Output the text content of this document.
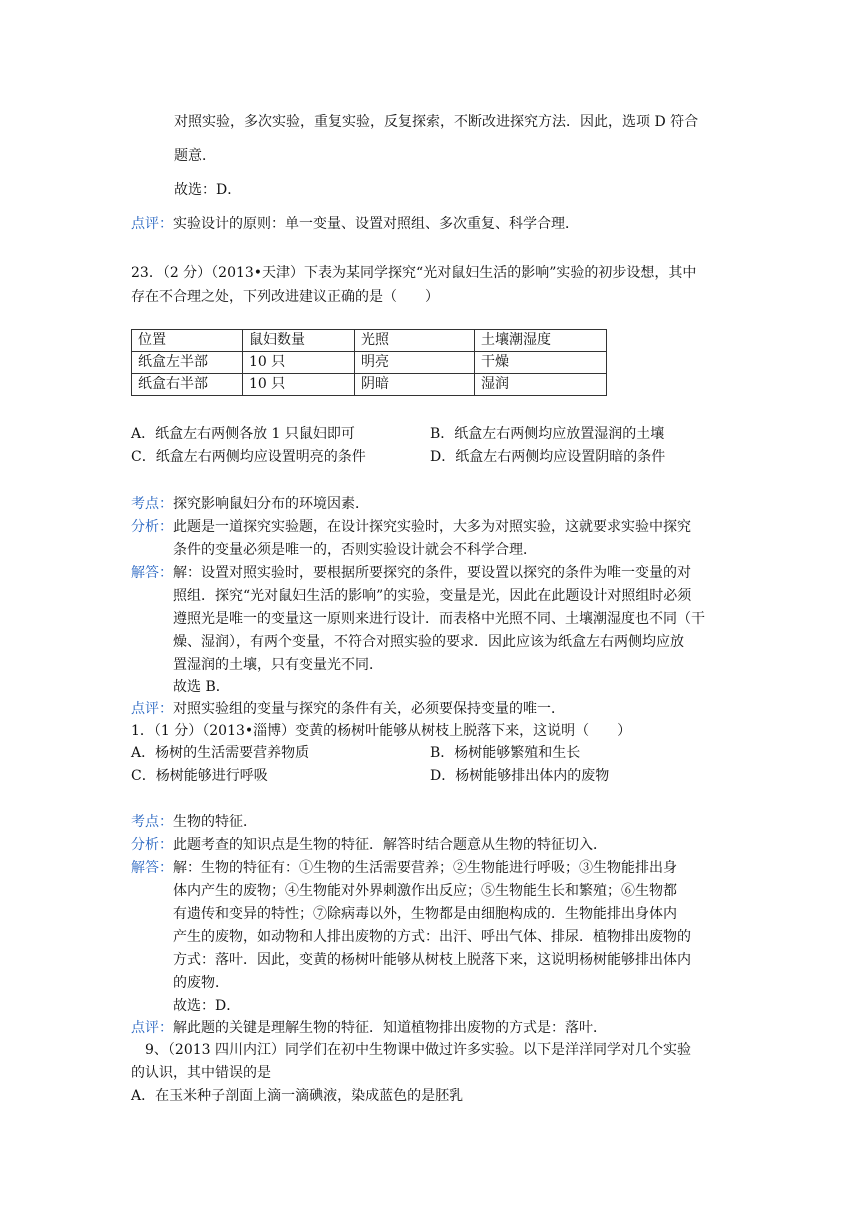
对照实验，多次实验，重复实验，反复探索，不断改进探究方法．因此，选项 D 符合
题意．
故选：D．
点评：实验设计的原则：单一变量、设置对照组、多次重复、科学合理．
23．（2 分）（2013•天津）下表为某同学探究“光对鼠妇生活的影响”实验的初步设想，其中
存在不合理之处，下列改进建议正确的是（　　）
位置	鼠妇数量	光照	土壤潮湿度
纸盒左半部	10 只	明亮	干燥
纸盒右半部	10 只	阴暗	湿润
A．纸盒左右两侧各放 1 只鼠妇即可	B．纸盒左右两侧均应放置湿润的土壤
C．纸盒左右两侧均应设置明亮的条件	D．纸盒左右两侧均应设置阴暗的条件
考点：探究影响鼠妇分布的环境因素．
分析：此题是一道探究实验题，在设计探究实验时，大多为对照实验，这就要求实验中探究
条件的变量必须是唯一的，否则实验设计就会不科学合理．
解答：解：设置对照实验时，要根据所要探究的条件，要设置以探究的条件为唯一变量的对
照组．探究“光对鼠妇生活的影响”的实验，变量是光，因此在此题设计对照组时必须
遵照光是唯一的变量这一原则来进行设计．而表格中光照不同、土壤潮湿度也不同（干
燥、湿润），有两个变量，不符合对照实验的要求．因此应该为纸盒左右两侧均应放
置湿润的土壤，只有变量光不同．
故选 B．
点评：对照实验组的变量与探究的条件有关，必须要保持变量的唯一．
1．（1 分）（2013•淄博）变黄的杨树叶能够从树枝上脱落下来，这说明（　　）
A．杨树的生活需要营养物质	B．杨树能够繁殖和生长
C．杨树能够进行呼吸	D．杨树能够排出体内的废物
考点：生物的特征．
分析：此题考查的知识点是生物的特征．解答时结合题意从生物的特征切入．
解答：解：生物的特征有：①生物的生活需要营养；②生物能进行呼吸；③生物能排出身
体内产生的废物；④生物能对外界刺激作出反应；⑤生物能生长和繁殖；⑥生物都
有遗传和变异的特性；⑦除病毒以外，生物都是由细胞构成的．生物能排出身体内
产生的废物，如动物和人排出废物的方式：出汗、呼出气体、排尿．植物排出废物的
方式：落叶．因此，变黄的杨树叶能够从树枝上脱落下来，这说明杨树能够排出体内
的废物．
故选：D．
点评：解此题的关键是理解生物的特征．知道植物排出废物的方式是：落叶．
9、（2013 四川内江）同学们在初中生物课中做过许多实验。以下是洋洋同学对几个实验
的认识，其中错误的是
A．在玉米种子剖面上滴一滴碘液，染成蓝色的是胚乳
